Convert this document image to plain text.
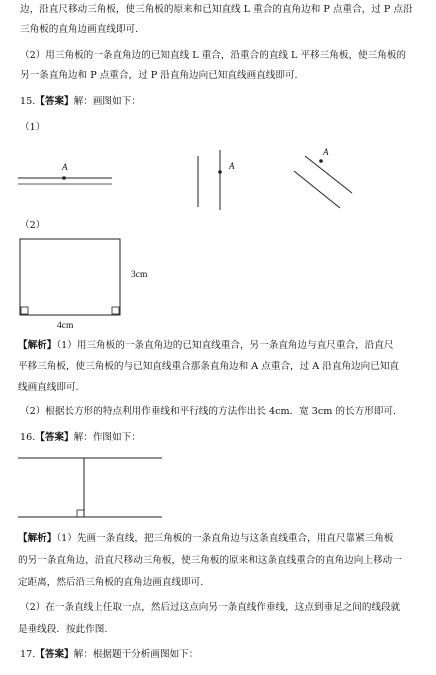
边，沿直尺移动三角板，使三角板的原来和已知直线 L 重合的直角边和 P 点重合，过 P 点沿
三角板的直角边画直线即可.
（2）用三角板的一条直角边的已知直线 L 重合，沿重合的直线 L 平移三角板，使三角板的
另一条直角边和 P 点重合，过 P 沿直角边向已知直线画直线即可.
15.【答案】解：画图如下：
（1）
A	A
A
（2）
3cm
4cm
【解析】（1）用三角板的一条直角边的已知直线重合，另一条直角边与直尺重合，沿直尺
平移三角板，使三角板的与已知直线重合那条直角边和 A 点重合，过 A 沿直角边向已知直
线画直线即可.
（2）根据长方形的特点利用作垂线和平行线的方法作出长 4cm．宽 3cm 的长方形即可.
16.【答案】解：作图如下：
【解析】（1）先画一条直线，把三角板的一条直角边与这条直线重合，用直尺靠紧三角板
的另一条直角边，沿直尺移动三角板，使三角板的原来和这条直线重合的直角边向上移动一
定距离，然后沿三角板的直角边画直线即可.
（2）在一条直线上任取一点，然后过这点向另一条直线作垂线，这点到垂足之间的线段就
是垂线段．按此作图.
17.【答案】解：根据题干分析画图如下：
